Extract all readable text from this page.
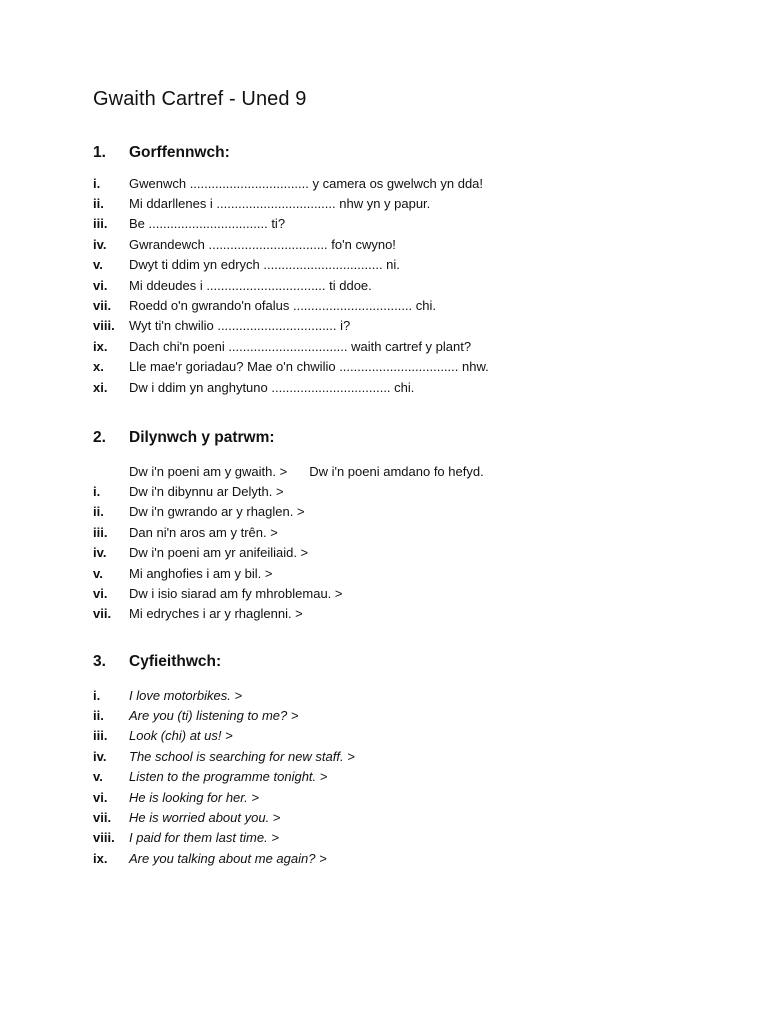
Gwaith Cartref - Uned 9
1.	Gorffennwch:
i.	Gwenwch ................................. y camera os gwelwch yn dda!
ii.	Mi ddarllenes i ................................. nhw yn y papur.
iii.	Be ................................. ti?
iv.	Gwrandewch ................................. fo'n cwyno!
v.	Dwyt ti ddim yn edrych ................................. ni.
vi.	Mi ddeudes i ................................. ti ddoe.
vii.	Roedd o'n gwrando'n ofalus ................................. chi.
viii.	Wyt ti'n chwilio ................................. i?
ix.	Dach chi'n poeni ................................. waith cartref y plant?
x.	Lle mae'r goriadau? Mae o'n chwilio ................................. nhw.
xi.	Dw i ddim yn anghytuno ................................. chi.
2.	Dilynwch y patrwm:
Dw i'n poeni am y gwaith. > Dw i'n poeni amdano fo hefyd.
i.	Dw i'n dibynnu ar Delyth. >
ii.	Dw i'n gwrando ar y rhaglen. >
iii.	Dan ni'n aros am y trên. >
iv.	Dw i'n poeni am yr anifeiliaid. >
v.	Mi anghofies i am y bil. >
vi.	Dw i isio siarad am fy mhroblemau. >
vii.	Mi edryches i ar y rhaglenni. >
3.	Cyfieithwch:
i.	I love motorbikes. >
ii.	Are you (ti) listening to me? >
iii.	Look (chi) at us! >
iv.	The school is searching for new staff. >
v.	Listen to the programme tonight. >
vi.	He is looking for her. >
vii.	He is worried about you. >
viii.	I paid for them last time. >
ix.	Are you talking about me again? >
